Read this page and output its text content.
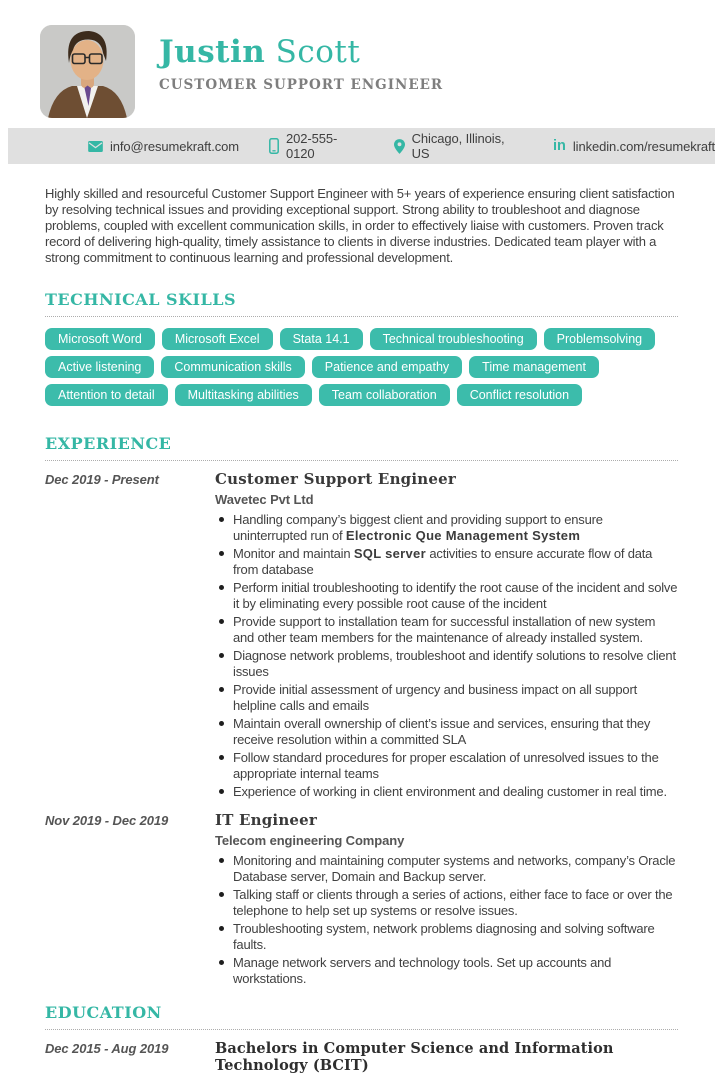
Justin Scott
CUSTOMER SUPPORT ENGINEER
info@resumekraft.com	202-555-0120
Chicago, Illinois, US	in linkedin.com/resumekraft

Highly skilled and resourceful Customer Support Engineer with 5+ years of experience ensuring client satisfaction by resolving technical issues and providing exceptional support. Strong ability to troubleshoot and diagnose problems, coupled with excellent communication skills, in order to effectively liaise with customers. Proven track record of delivering high-quality, timely assistance to clients in diverse industries. Dedicated team player with a strong commitment to continuous learning and professional development.

TECHNICAL SKILLS
Microsoft Word	Microsoft Excel	Stata 14.1	Technical troubleshooting	Problemsolving
Active listening	Communication skills	Patience and empathy	Time management
Attention to detail	Multitasking abilities	Team collaboration	Conflict resolution
EXPERIENCE
Dec 2019 - Present	Customer Support Engineer
Wavetec Pvt Ltd
Handling company’s biggest client and providing support to ensure uninterrupted run of Electronic Que Management System
Monitor and maintain SQL server activities to ensure accurate flow of data from database
Perform initial troubleshooting to identify the root cause of the incident and solve it by eliminating every possible root cause of the incident
Provide support to installation team for successful installation of new system and other team members for the maintenance of already installed system.
Diagnose network problems, troubleshoot and identify solutions to resolve client issues
Provide initial assessment of urgency and business impact on all support helpline calls and emails
Maintain overall ownership of client’s issue and services, ensuring that they receive resolution within a committed SLA
Follow standard procedures for proper escalation of unresolved issues to the appropriate internal teams
Experience of working in client environment and dealing customer in real time.
Nov 2019 - Dec 2019	IT Engineer
Telecom engineering Company
Monitoring and maintaining computer systems and networks, company’s Oracle Database server, Domain and Backup server.
Talking staff or clients through a series of actions, either face to face or over the telephone to help set up systems or resolve issues.
Troubleshooting system, network problems diagnosing and solving software faults.
Manage network servers and technology tools. Set up accounts and workstations.
EDUCATION
Dec 2015 - Aug 2019	Bachelors in Computer Science and Information Technology (BCIT)
